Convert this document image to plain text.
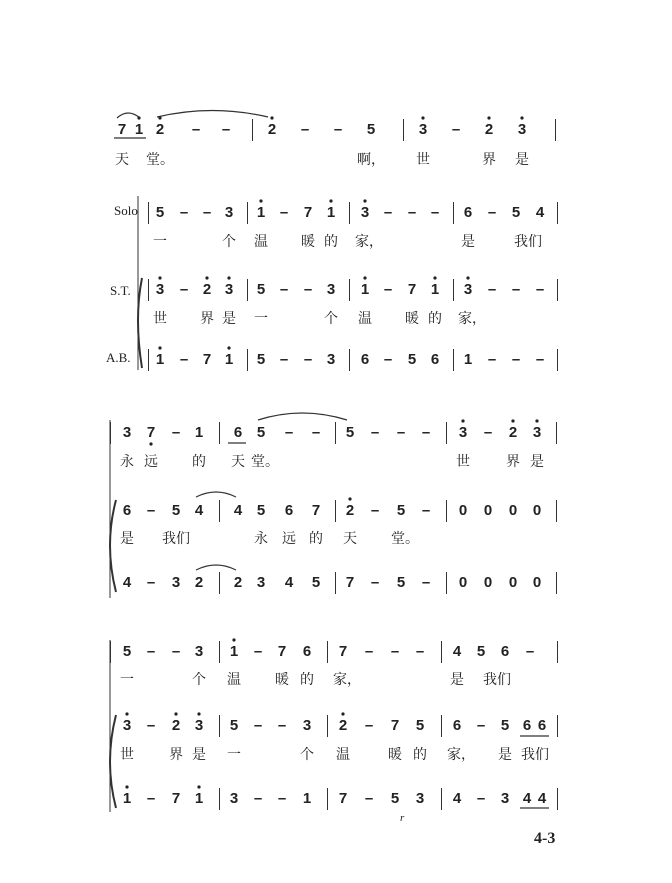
Solo
S.T.
A.B.
7 1 2 – –	2 – – 5	3 – 2 3
天 堂。	啊， 世	界 是
5 – – 3 1 – 7 1 3 – – – 6 – 5 4
一	个 温 暖 的 家，	是	我们
3 – 2 3 5 – – 3 1 – 7 1 3 – – –
世 界 是 一	个 温 暖 的 家，
1 – 7 1 5 – – 3 6 – 5 6 1 – – –
3 7 – 1 6 5 – – 5 – – – 3 – 2 3
永 远 的 天 堂。	世	界 是
6 – 5 4 4 5 6 7 2 – 5 – 0 0 0 0
是 我们	永 远 的 天 堂。
4 – 3 2 2 3 4 5 7 – 5 – 0 0 0 0
5 – – 3 1 – 7 6 7 – – – 4 5 6 –
一	个 温 暖 的 家，	是 我们
3 – 2 3 5 – – 3 2 – 7 5 6 – 5 6 6
世	界 是 一	个 温	暖 的 家， 是 我们
1 – 7 1 3 – – 1 7 – 5 3 4 – 3 4 4
r
4-3
